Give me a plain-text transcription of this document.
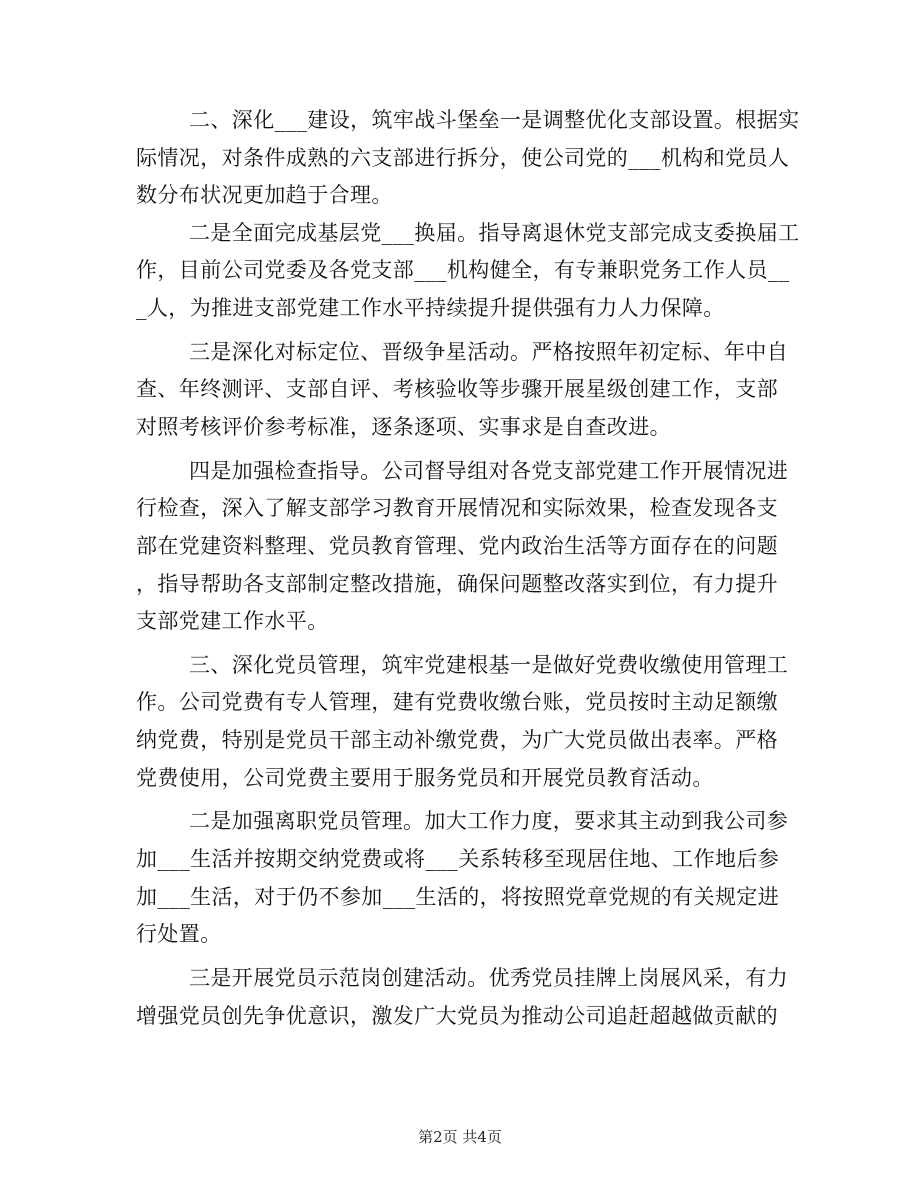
二、深化___建设，筑牢战斗堡垒一是调整优化支部设置。根据实
际情况，对条件成熟的六支部进行拆分，使公司党的___机构和党员人
数分布状况更加趋于合理。
二是全面完成基层党___换届。指导离退休党支部完成支委换届工
作，目前公司党委及各党支部___机构健全，有专兼职党务工作人员__
_人，为推进支部党建工作水平持续提升提供强有力人力保障。
三是深化对标定位、晋级争星活动。严格按照年初定标、年中自
查、年终测评、支部自评、考核验收等步骤开展星级创建工作，支部
对照考核评价参考标准，逐条逐项、实事求是自查改进。
四是加强检查指导。公司督导组对各党支部党建工作开展情况进
行检查，深入了解支部学习教育开展情况和实际效果，检查发现各支
部在党建资料整理、党员教育管理、党内政治生活等方面存在的问题
，指导帮助各支部制定整改措施，确保问题整改落实到位，有力提升
支部党建工作水平。
三、深化党员管理，筑牢党建根基一是做好党费收缴使用管理工
作。公司党费有专人管理，建有党费收缴台账，党员按时主动足额缴
纳党费，特别是党员干部主动补缴党费，为广大党员做出表率。严格
党费使用，公司党费主要用于服务党员和开展党员教育活动。
二是加强离职党员管理。加大工作力度，要求其主动到我公司参
加___生活并按期交纳党费或将___关系转移至现居住地、工作地后参
加___生活，对于仍不参加___生活的，将按照党章党规的有关规定进
行处置。
三是开展党员示范岗创建活动。优秀党员挂牌上岗展风采，有力
增强党员创先争优意识，激发广大党员为推动公司追赶超越做贡献的
第2页 共4页
